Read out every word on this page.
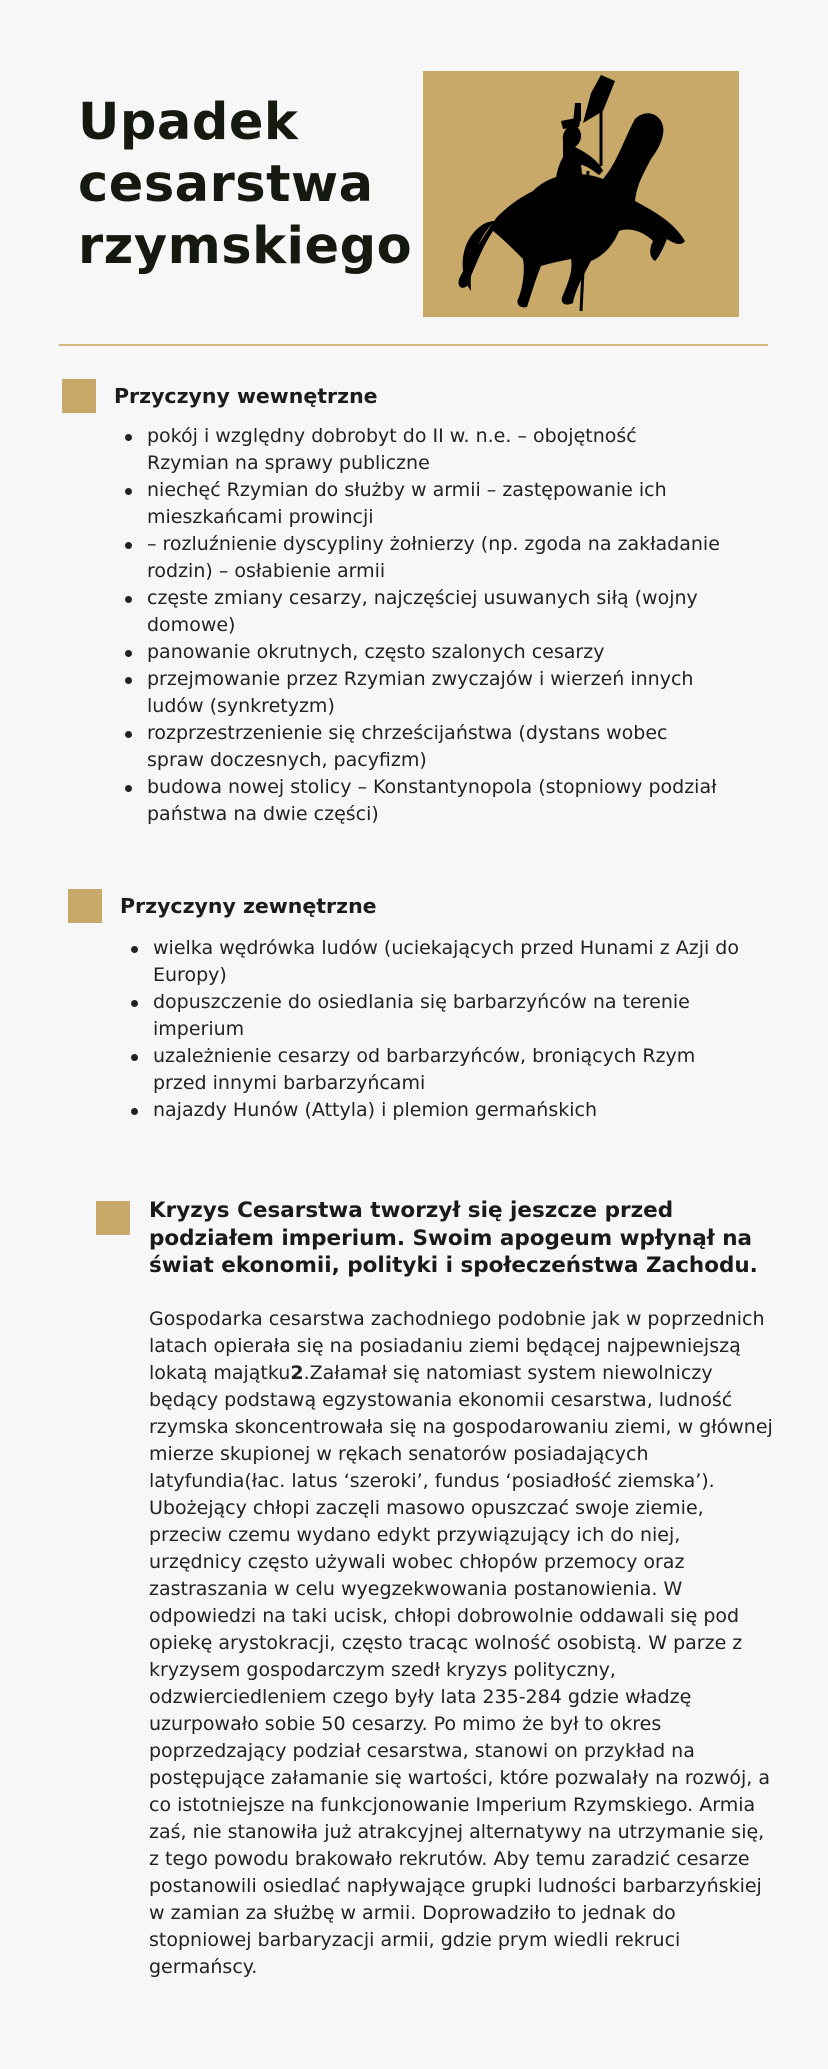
Upadek
cesarstwa
rzymskiego
Przyczyny wewnętrzne
pokój i względny dobrobyt do II w. n.e. – obojętność Rzymian na sprawy publiczne
niechęć Rzymian do służby w armii – zastępowanie ich mieszkańcami prowincji
– rozluźnienie dyscypliny żołnierzy (np. zgoda na zakładanie rodzin) – osłabienie armii
częste zmiany cesarzy, najczęściej usuwanych siłą (wojny domowe)
panowanie okrutnych, często szalonych cesarzy
przejmowanie przez Rzymian zwyczajów i wierzeń innych ludów (synkretyzm)
rozprzestrzenienie się chrześcijaństwa (dystans wobec spraw doczesnych, pacyfizm)
budowa nowej stolicy – Konstantynopola (stopniowy podział państwa na dwie części)
Przyczyny zewnętrzne
wielka wędrówka ludów (uciekających przed Hunami z Azji do Europy)
dopuszczenie do osiedlania się barbarzyńców na terenie imperium
uzależnienie cesarzy od barbarzyńców, broniących Rzym przed innymi barbarzyńcami
najazdy Hunów (Attyla) i plemion germańskich
Kryzys Cesarstwa tworzył się jeszcze przed podziałem imperium. Swoim apogeum wpłynął na świat ekonomii, polityki i społeczeństwa Zachodu.
Gospodarka cesarstwa zachodniego podobnie jak w poprzednich latach opierała się na posiadaniu ziemi będącej najpewniejszą lokatą majątku2.Załamał się natomiast system niewolniczy będący podstawą egzystowania ekonomii cesarstwa, ludność rzymska skoncentrowała się na gospodarowaniu ziemi, w głównej mierze skupionej w rękach senatorów posiadających latyfundia(łac. latus ‘szeroki’, fundus ‘posiadłość ziemska’). Ubożejący chłopi zaczęli masowo opuszczać swoje ziemie, przeciw czemu wydano edykt przywiązujący ich do niej, urzędnicy często używali wobec chłopów przemocy oraz zastraszania w celu wyegzekwowania postanowienia. W odpowiedzi na taki ucisk, chłopi dobrowolnie oddawali się pod opiekę arystokracji, często tracąc wolność osobistą. W parze z kryzysem gospodarczym szedł kryzys polityczny, odzwierciedleniem czego były lata 235-284 gdzie władzę uzurpowało sobie 50 cesarzy. Po mimo że był to okres poprzedzający podział cesarstwa, stanowi on przykład na postępujące załamanie się wartości, które pozwalały na rozwój, a co istotniejsze na funkcjonowanie Imperium Rzymskiego. Armia zaś, nie stanowiła już atrakcyjnej alternatywy na utrzymanie się, z tego powodu brakowało rekrutów. Aby temu zaradzić cesarze postanowili osiedlać napływające grupki ludności barbarzyńskiej w zamian za służbę w armii. Doprowadziło to jednak do stopniowej barbaryzacji armii, gdzie prym wiedli rekruci germańscy.
